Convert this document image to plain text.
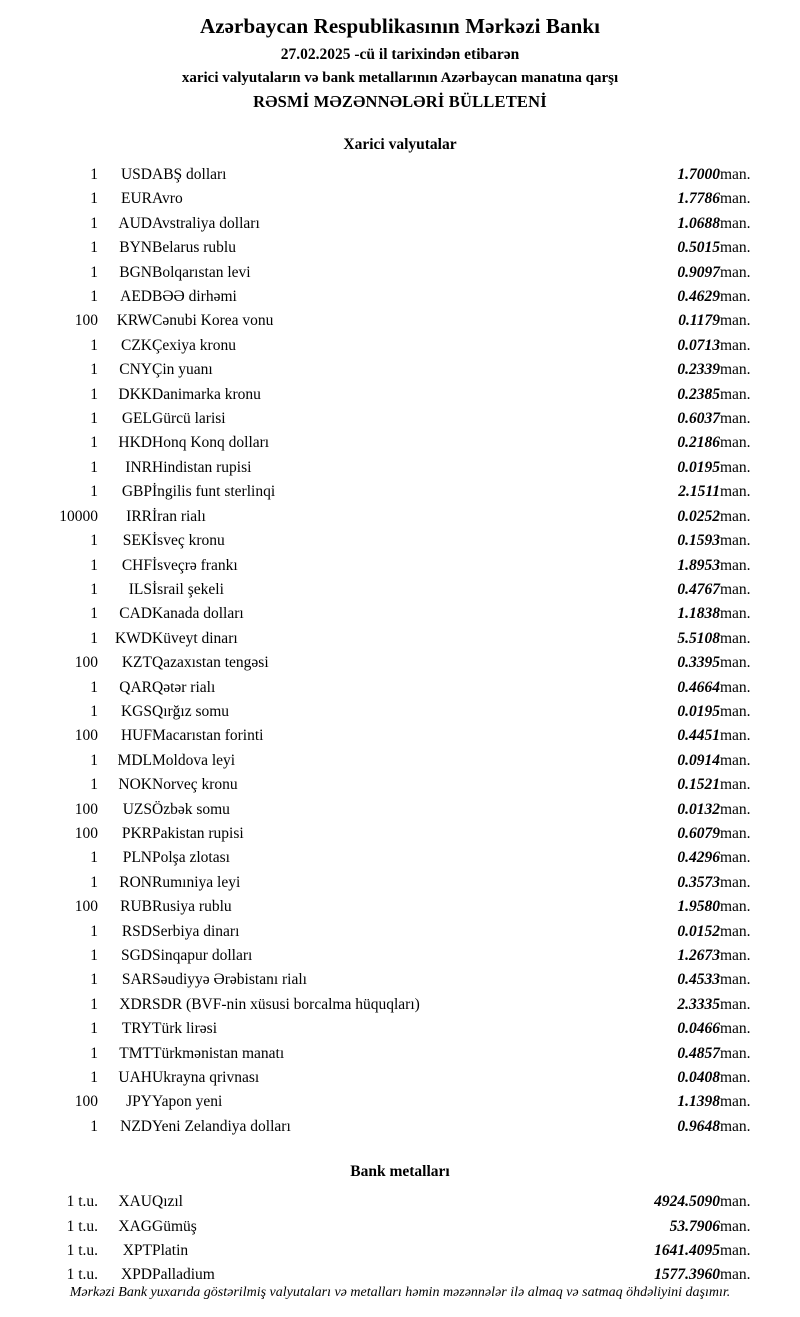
Azərbaycan Respublikasının Mərkəzi Bankı
27.02.2025 -cü il tarixindən etibarən
xarici valyutaların və bank metallarının Azərbaycan manatına qarşı
RƏSMİ MƏZƏNNƏLƏRİ BÜLLETENİ
Xarici valyutalar
1	USD	ABŞ dolları	1.7000	man.
1	EUR	Avro	1.7786	man.
1	AUD	Avstraliya dolları	1.0688	man.
1	BYN	Belarus rublu	0.5015	man.
1	BGN	Bolqarıstan levi	0.9097	man.
1	AED	BƏƏ dirhəmi	0.4629	man.
100	KRW	Cənubi Korea vonu	0.1179	man.
1	CZK	Çexiya kronu	0.0713	man.
1	CNY	Çin yuanı	0.2339	man.
1	DKK	Danimarka kronu	0.2385	man.
1	GEL	Gürcü larisi	0.6037	man.
1	HKD	Honq Konq dolları	0.2186	man.
1	INR	Hindistan rupisi	0.0195	man.
1	GBP	İngilis funt sterlinqi	2.1511	man.
10000	IRR	İran rialı	0.0252	man.
1	SEK	İsveç kronu	0.1593	man.
1	CHF	İsveçrə frankı	1.8953	man.
1	ILS	İsrail şekeli	0.4767	man.
1	CAD	Kanada dolları	1.1838	man.
1	KWD	Küveyt dinarı	5.5108	man.
100	KZT	Qazaxıstan tengəsi	0.3395	man.
1	QAR	Qətər rialı	0.4664	man.
1	KGS	Qırğız somu	0.0195	man.
100	HUF	Macarıstan forinti	0.4451	man.
1	MDL	Moldova leyi	0.0914	man.
1	NOK	Norveç kronu	0.1521	man.
100	UZS	Özbək somu	0.0132	man.
100	PKR	Pakistan rupisi	0.6079	man.
1	PLN	Polşa zlotası	0.4296	man.
1	RON	Rumıniya leyi	0.3573	man.
100	RUB	Rusiya rublu	1.9580	man.
1	RSD	Serbiya dinarı	0.0152	man.
1	SGD	Sinqapur dolları	1.2673	man.
1	SAR	Səudiyyə Ərəbistanı rialı	0.4533	man.
1	XDR	SDR (BVF-nin xüsusi borcalma hüquqları)	2.3335	man.
1	TRY	Türk lirəsi	0.0466	man.
1	TMT	Türkmənistan manatı	0.4857	man.
1	UAH	Ukrayna qrivnası	0.0408	man.
100	JPY	Yapon yeni	1.1398	man.
1	NZD	Yeni Zelandiya dolları	0.9648	man.
Bank metalları
1 t.u.	XAU	Qızıl	4924.5090	man.
1 t.u.	XAG	Gümüş	53.7906	man.
1 t.u.	XPT	Platin	1641.4095	man.
1 t.u.	XPD	Palladium	1577.3960	man.
Mərkəzi Bank yuxarıda göstərilmiş valyutaları və metalları həmin məzənnələr ilə almaq və satmaq öhdəliyini daşımır.
